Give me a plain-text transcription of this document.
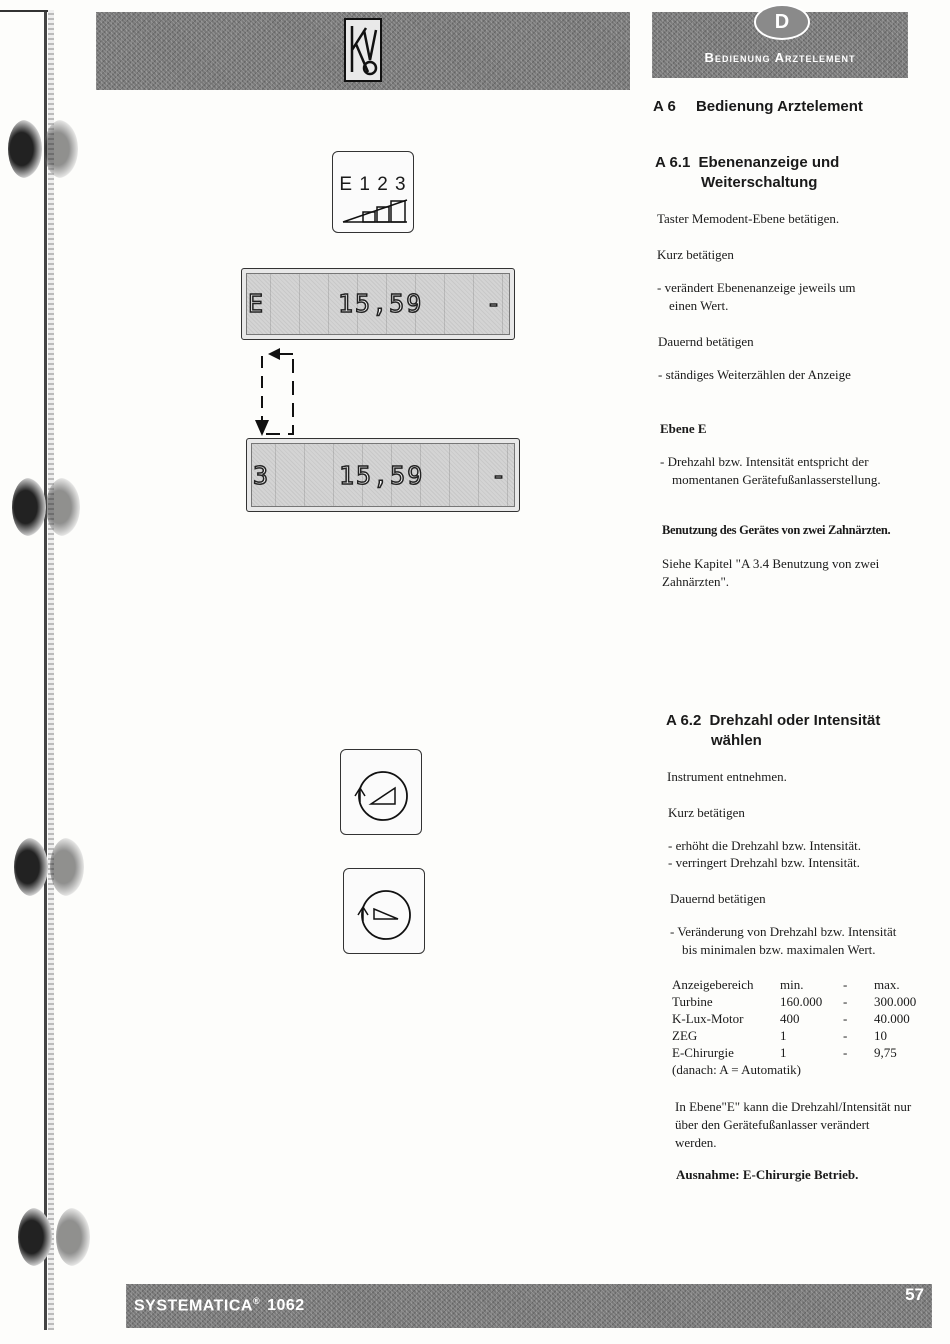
D
Bedienung Arztelement
A 6 Bedienung Arztelement
A 6.1 Ebenenanzeige und
Weiterschaltung
Taster Memodent-Ebene betätigen.
Kurz betätigen
- verändert Ebenenanzeige jeweils um
einen Wert.
Dauernd betätigen
- ständiges Weiterzählen der Anzeige
Ebene E
- Drehzahl bzw. Intensität entspricht der
momentanen Gerätefußanlasserstellung.
Benutzung des Gerätes von zwei Zahnärzten.
Siehe Kapitel "A 3.4 Benutzung von zwei
Zahnärzten".
A 6.2 Drehzahl oder Intensität
wählen
Instrument entnehmen.
Kurz betätigen
- erhöht die Drehzahl bzw. Intensität.
- verringert Drehzahl bzw. Intensität.
Dauernd betätigen
- Veränderung von Drehzahl bzw. Intensität
bis minimalen bzw. maximalen Wert.
Anzeigebereich	min.	-	max.
Turbine	160.000	-	300.000
K-Lux-Motor	400	-	40.000
ZEG	1	-	10
E-Chirurgie	1	-	9,75
(danach: A = Automatik)			
In Ebene"E" kann die Drehzahl/Intensität nur
über den Gerätefußanlasser verändert
werden.
Ausnahme: E-Chirurgie Betrieb.
E 1 2 3
E	15,59	-
3	15,59	-
SYSTEMATICA® 1062
57
